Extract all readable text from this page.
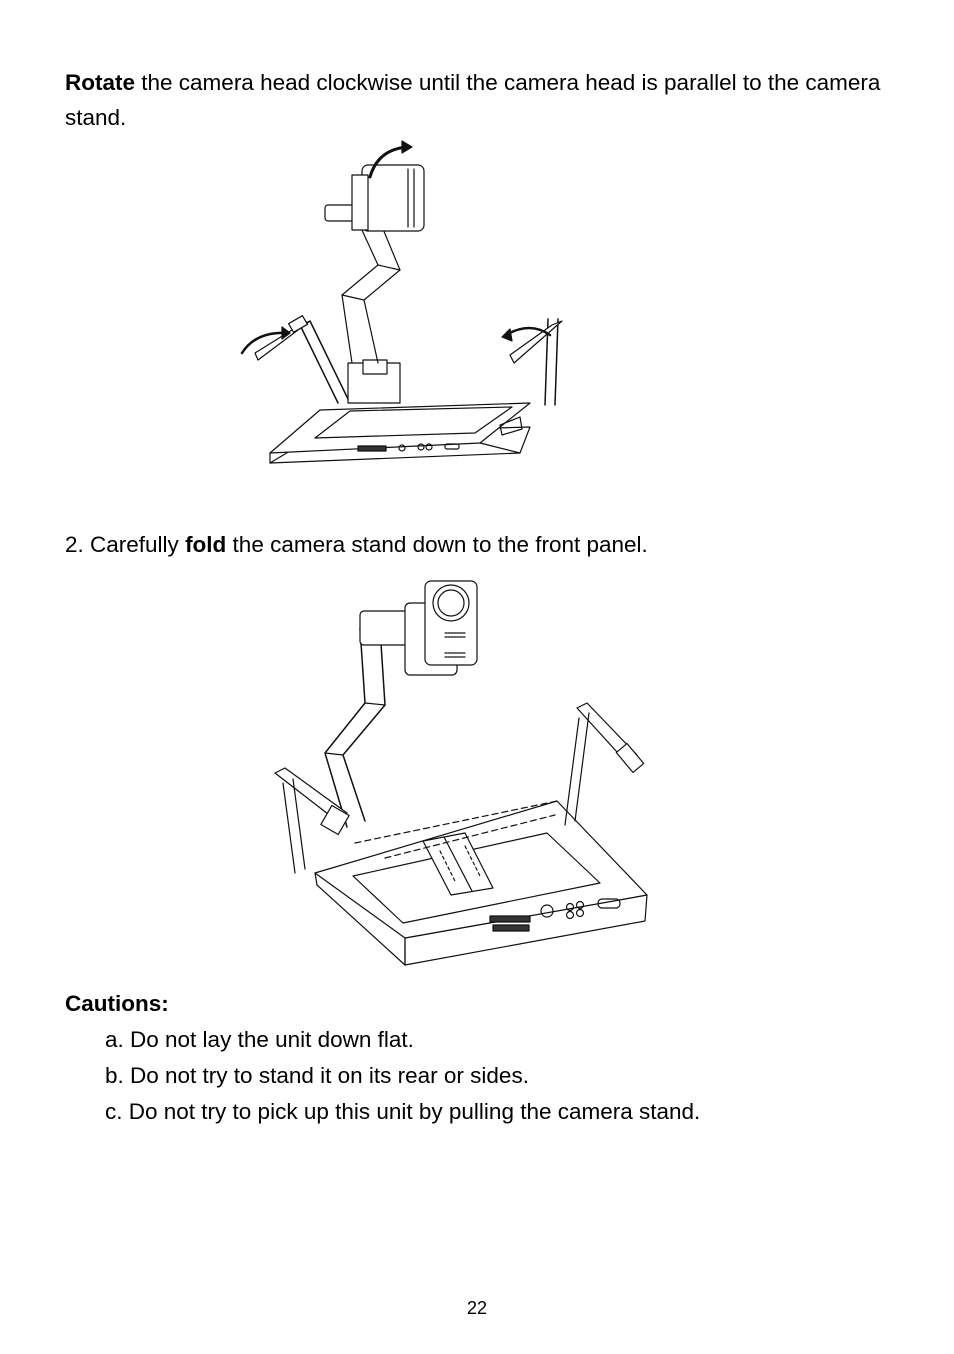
Rotate the camera head clockwise until the camera head is parallel to the camera stand.

2. Carefully fold the camera stand down to the front panel.

Cautions:
a. Do not lay the unit down flat.
b. Do not try to stand it on its rear or sides.
c. Do not try to pick up this unit by pulling the camera stand.
22
